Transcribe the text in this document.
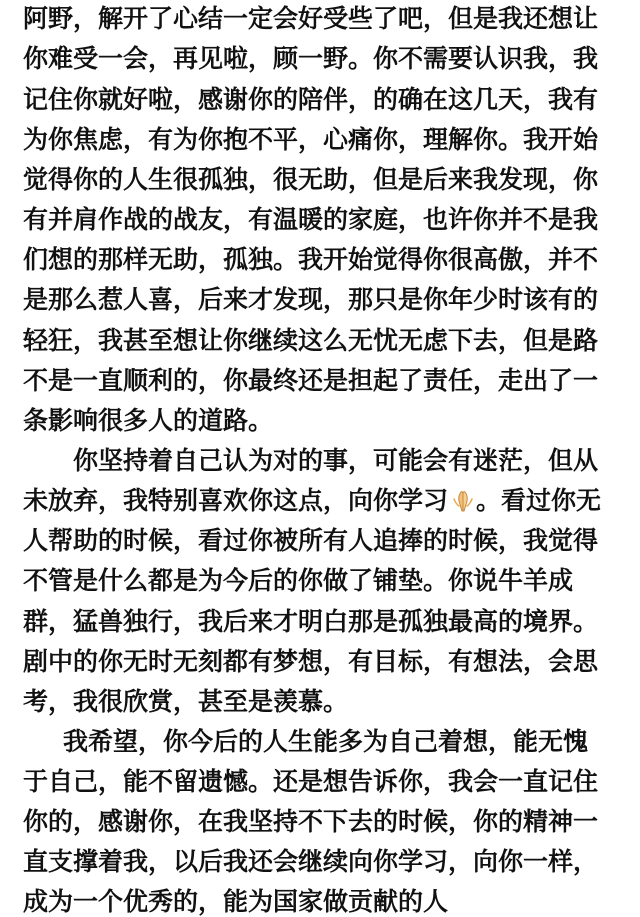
阿野，解开了心结一定会好受些了吧，但是我还想让
你难受一会，再见啦，顾一野。你不需要认识我，我
记住你就好啦，感谢你的陪伴，的确在这几天，我有
为你焦虑，有为你抱不平，心痛你，理解你。我开始
觉得你的人生很孤独，很无助，但是后来我发现，你
有并肩作战的战友，有温暖的家庭，也许你并不是我
们想的那样无助，孤独。我开始觉得你很高傲，并不
是那么惹人喜，后来才发现，那只是你年少时该有的
轻狂，我甚至想让你继续这么无忧无虑下去，但是路
不是一直顺利的，你最终还是担起了责任，走出了一
条影响很多人的道路。
你坚持着自己认为对的事，可能会有迷茫，但从
未放弃，我特别喜欢你这点，向你学习 。看过你无
人帮助的时候，看过你被所有人追捧的时候，我觉得
不管是什么都是为今后的你做了铺垫。你说牛羊成
群，猛兽独行，我后来才明白那是孤独最高的境界。
剧中的你无时无刻都有梦想，有目标，有想法，会思
考，我很欣赏，甚至是羡慕。
我希望，你今后的人生能多为自己着想，能无愧
于自己，能不留遗憾。还是想告诉你，我会一直记住
你的，感谢你，在我坚持不下去的时候，你的精神一
直支撑着我，以后我还会继续向你学习，向你一样，
成为一个优秀的，能为国家做贡献的人
